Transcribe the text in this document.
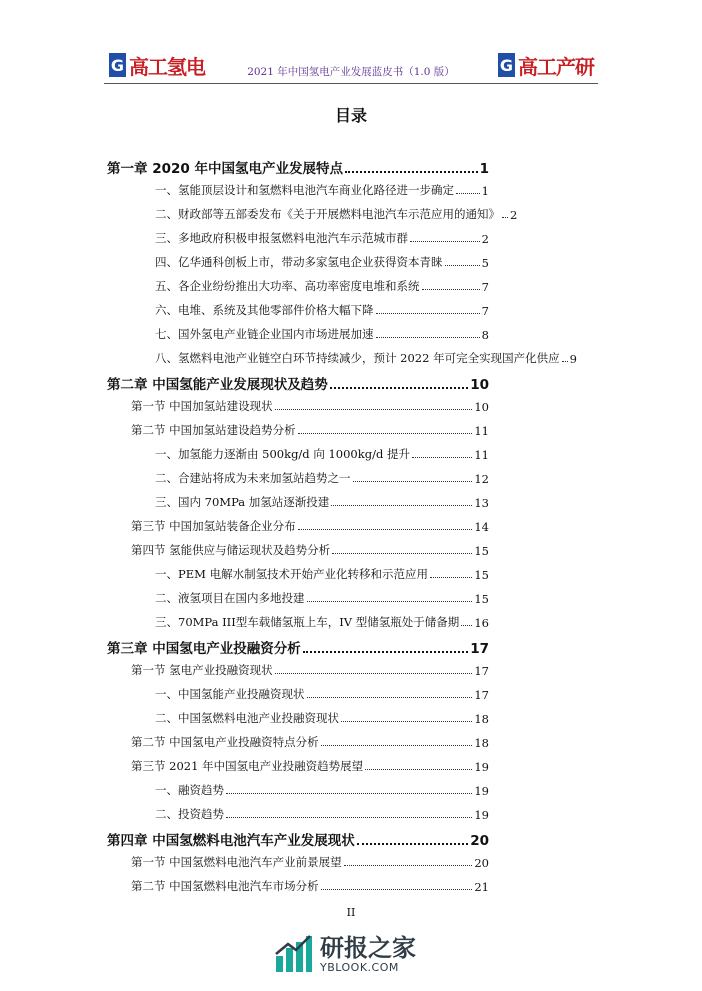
G 高工氢电	2021 年中国氢电产业发展蓝皮书（1.0 版）	G 高工产研
目录
第一章 2020 年中国氢电产业发展特点	1
一、氢能顶层设计和氢燃料电池汽车商业化路径进一步确定 1
二、财政部等五部委发布《关于开展燃料电池汽车示范应用的通知》 2
三、多地政府积极申报氢燃料电池汽车示范城市群	2
四、亿华通科创板上市，带动多家氢电企业获得资本青睐	5
五、各企业纷纷推出大功率、高功率密度电堆和系统	7
六、电堆、系统及其他零部件价格大幅下降	7
七、国外氢电产业链企业国内市场进展加速	8
八、氢燃料电池产业链空白环节持续减少，预计 2022 年可完全实现国产化供应 9
第二章 中国氢能产业发展现状及趋势	10
第一节 中国加氢站建设现状	10
第二节 中国加氢站建设趋势分析	11
一、加氢能力逐渐由 500kg/d 向 1000kg/d 提升	11
二、合建站将成为未来加氢站趋势之一	12
三、国内 70MPa 加氢站逐渐投建	13
第三节 中国加氢站装备企业分布	14
第四节 氢能供应与储运现状及趋势分析	15
一、PEM 电解水制氢技术开始产业化转移和示范应用	15
二、液氢项目在国内多地投建	15
三、70MPa III型车载储氢瓶上车，IV 型储氢瓶处于储备期 16
第三章 中国氢电产业投融资分析	17
第一节 氢电产业投融资现状	17
一、中国氢能产业投融资现状	17
二、中国氢燃料电池产业投融资现状	18
第二节 中国氢电产业投融资特点分析	18
第三节 2021 年中国氢电产业投融资趋势展望	19
一、融资趋势	19
二、投资趋势	19
第四章 中国氢燃料电池汽车产业发展现状	20
第一节 中国氢燃料电池汽车产业前景展望	20
第二节 中国氢燃料电池汽车市场分析	21
II
研报之家
YBLOOK.COM
